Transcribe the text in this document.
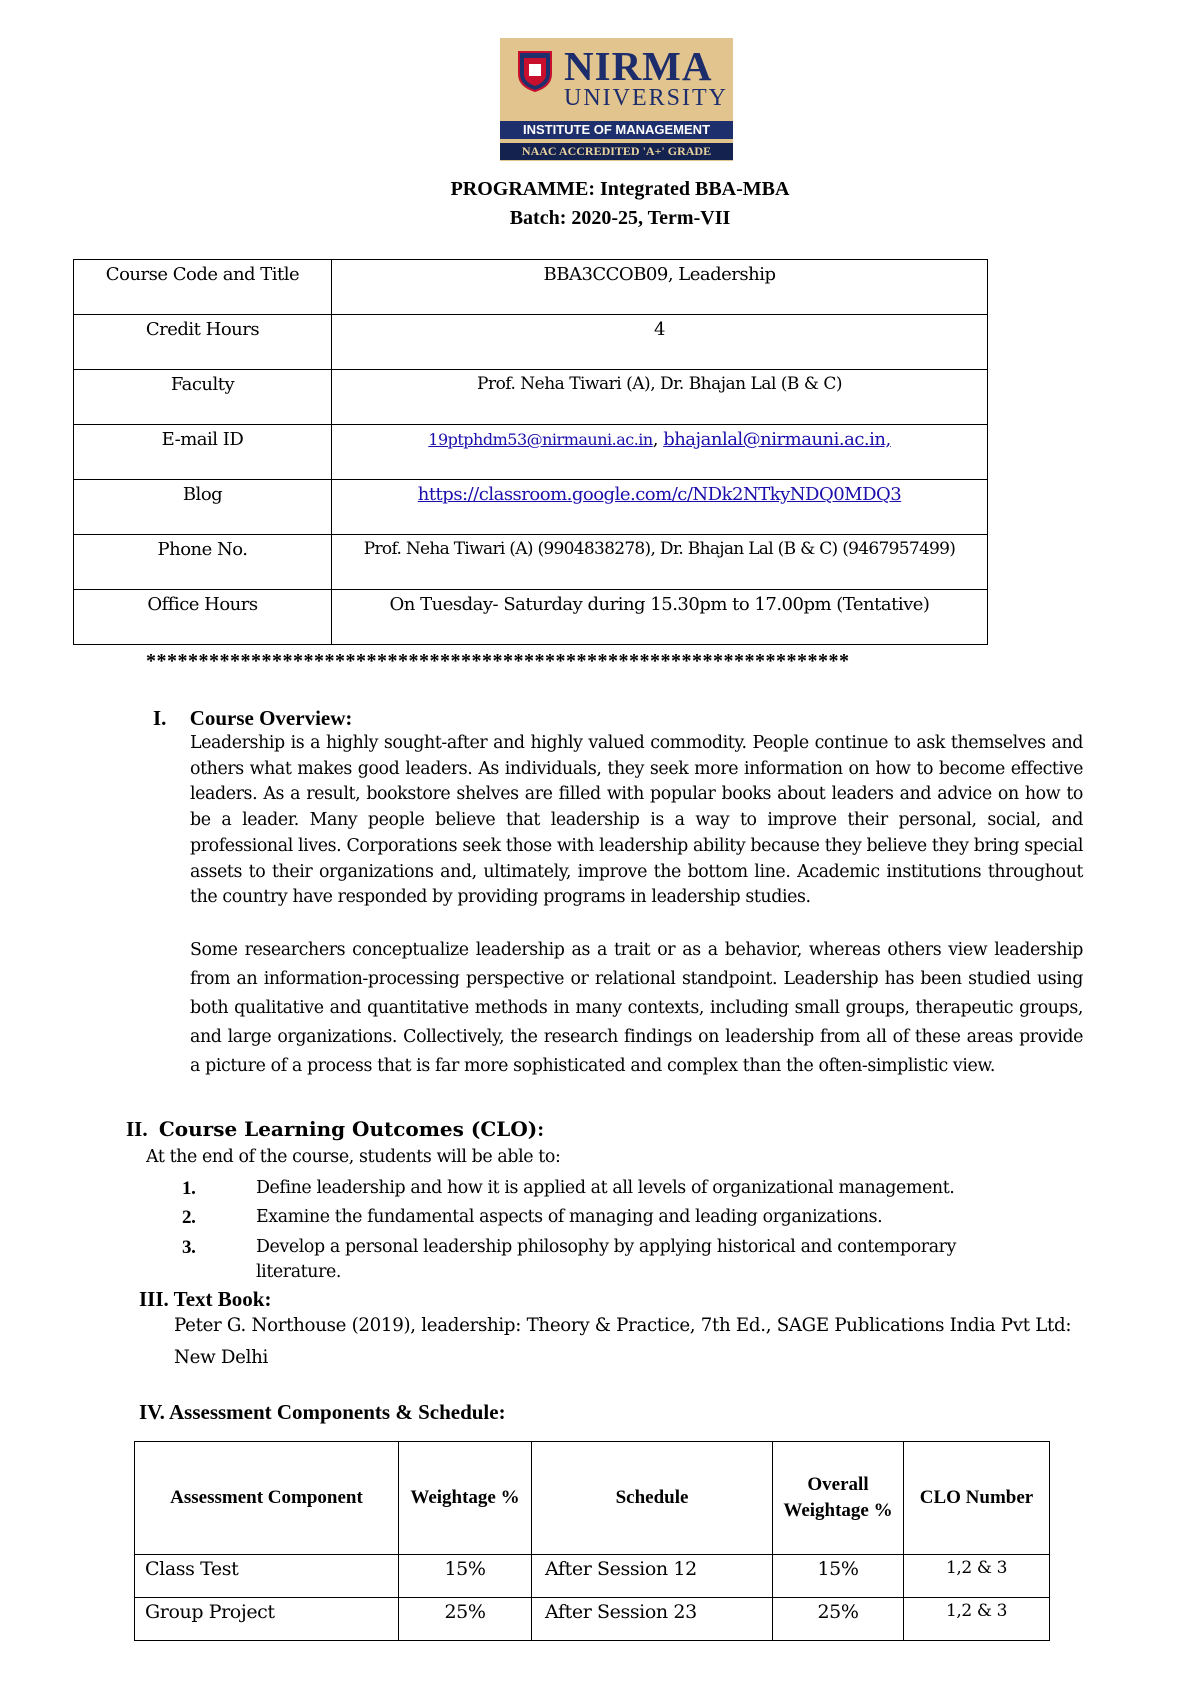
NIRMA
UNIVERSITY
INSTITUTE OF MANAGEMENT
NAAC ACCREDITED 'A+' GRADE
PROGRAMME: Integrated BBA-MBA
Batch: 2020-25, Term-VII
Course Code and Title	BBA3CCOB09, Leadership
Credit Hours	4
Faculty	Prof. Neha Tiwari (A), Dr. Bhajan Lal (B & C)
E-mail ID	19ptphdm53@nirmauni.ac.in, bhajanlal@nirmauni.ac.in,
Blog	https://classroom.google.com/c/NDk2NTkyNDQ0MDQ3
Phone No.	Prof. Neha Tiwari (A) (9904838278), Dr. Bhajan Lal (B & C) (9467957499)
Office Hours	On Tuesday- Saturday during 15.30pm to 17.00pm (Tentative)
*******************************************************************
I. Course Overview:
Leadership is a highly sought-after and highly valued commodity. People continue to ask themselves and others what makes good leaders. As individuals, they seek more information on how to become effective leaders. As a result, bookstore shelves are filled with popular books about leaders and advice on how to be a leader. Many people believe that leadership is a way to improve their personal, social, and professional lives. Corporations seek those with leadership ability because they believe they bring special assets to their organizations and, ultimately, improve the bottom line. Academic institutions throughout the country have responded by providing programs in leadership studies.
Some researchers conceptualize leadership as a trait or as a behavior, whereas others view leadership from an information-processing perspective or relational standpoint. Leadership has been studied using both qualitative and quantitative methods in many contexts, including small groups, therapeutic groups, and large organizations. Collectively, the research findings on leadership from all of these areas provide a picture of a process that is far more sophisticated and complex than the often-simplistic view.
II. Course Learning Outcomes (CLO):
At the end of the course, students will be able to:
1.	Define leadership and how it is applied at all levels of organizational management.
2.	Examine the fundamental aspects of managing and leading organizations.
3.	Develop a personal leadership philosophy by applying historical and contemporary literature.
III. Text Book:
Peter G. Northouse (2019), leadership: Theory & Practice, 7th Ed., SAGE Publications India Pvt Ltd: New Delhi
IV. Assessment Components & Schedule:
Assessment Component	Weightage %	Schedule	Overall Weightage %	CLO Number
Class Test	15%	After Session 12	15%	1,2 & 3
Group Project	25%	After Session 23	25%	1,2 & 3
